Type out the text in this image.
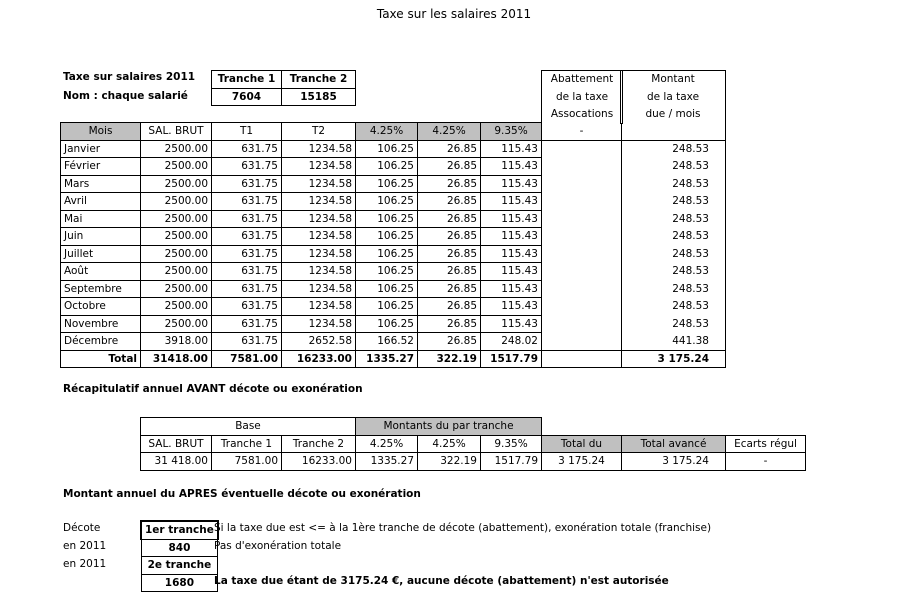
Taxe sur les salaires 2011
Taxe sur salaires 2011
Nom : chaque salarié
Tranche 1	Tranche 2
7604	15185
Abattement
de la taxe
Assocations
Montant
de la taxe
due / mois
Mois	SAL. BRUT	T1	T2	4.25%	4.25%	9.35%	-	
Janvier	2500.00	631.75	1234.58	106.25	26.85	115.43		248.53
Février	2500.00	631.75	1234.58	106.25	26.85	115.43		248.53
Mars	2500.00	631.75	1234.58	106.25	26.85	115.43		248.53
Avril	2500.00	631.75	1234.58	106.25	26.85	115.43		248.53
Mai	2500.00	631.75	1234.58	106.25	26.85	115.43		248.53
Juin	2500.00	631.75	1234.58	106.25	26.85	115.43		248.53
Juillet	2500.00	631.75	1234.58	106.25	26.85	115.43		248.53
Août	2500.00	631.75	1234.58	106.25	26.85	115.43		248.53
Septembre	2500.00	631.75	1234.58	106.25	26.85	115.43		248.53
Octobre	2500.00	631.75	1234.58	106.25	26.85	115.43		248.53
Novembre	2500.00	631.75	1234.58	106.25	26.85	115.43		248.53
Décembre	3918.00	631.75	2652.58	166.52	26.85	248.02		441.38
Total	31418.00	7581.00	16233.00	1335.27	322.19	1517.79		3 175.24
Récapitulatif annuel AVANT décote ou exonération
Base			Montants du par tranche					
SAL. BRUT	Tranche 1	Tranche 2	4.25%	4.25%	9.35%	Total du	Total avancé	Ecarts régul
31 418.00	7581.00	16233.00	1335.27	322.19	1517.79	3 175.24	3 175.24	-
Montant annuel du APRES éventuelle décote ou exonération
Décote
en 2011
en 2011
1er tranche
840
2e tranche
1680
Si la taxe due est <= à la 1ère tranche de décote (abattement), exonération totale (franchise)
Pas d'exonération totale
La taxe due étant de 3175.24 €, aucune décote (abattement) n'est autorisée
